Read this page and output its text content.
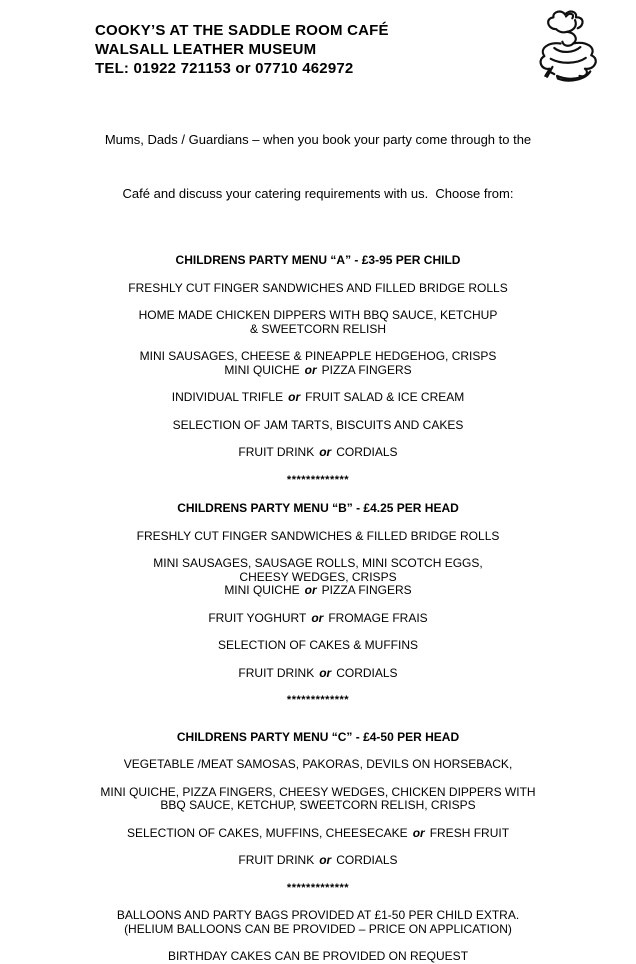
COOKY’S AT THE SADDLE ROOM CAFÉ
WALSALL LEATHER MUSEUM
TEL: 01922 721153 or 07710 462972

Mums, Dads / Guardians – when you book your party come through to the

Café and discuss your catering requirements with us.  Choose from:

CHILDRENS PARTY MENU “A” - £3-95 PER CHILD
FRESHLY CUT FINGER SANDWICHES AND FILLED BRIDGE ROLLS
HOME MADE CHICKEN DIPPERS WITH BBQ SAUCE, KETCHUP
& SWEETCORN RELISH
MINI SAUSAGES, CHEESE & PINEAPPLE HEDGEHOG, CRISPS
MINI QUICHE or PIZZA FINGERS
INDIVIDUAL TRIFLE or FRUIT SALAD & ICE CREAM
SELECTION OF JAM TARTS, BISCUITS AND CAKES
FRUIT DRINK or CORDIALS
*************
CHILDRENS PARTY MENU “B” - £4.25 PER HEAD
FRESHLY CUT FINGER SANDWICHES & FILLED BRIDGE ROLLS
MINI SAUSAGES, SAUSAGE ROLLS, MINI SCOTCH EGGS,
CHEESY WEDGES, CRISPS
MINI QUICHE or PIZZA FINGERS
FRUIT YOGHURT or FROMAGE FRAIS
SELECTION OF CAKES & MUFFINS
FRUIT DRINK or CORDIALS
*************
CHILDRENS PARTY MENU “C” - £4-50 PER HEAD
VEGETABLE /MEAT SAMOSAS, PAKORAS, DEVILS ON HORSEBACK,
MINI QUICHE, PIZZA FINGERS, CHEESY WEDGES, CHICKEN DIPPERS WITH
BBQ SAUCE, KETCHUP, SWEETCORN RELISH, CRISPS
SELECTION OF CAKES, MUFFINS, CHEESECAKE or FRESH FRUIT
FRUIT DRINK or CORDIALS
*************
BALLOONS AND PARTY BAGS PROVIDED AT £1-50 PER CHILD EXTRA.
(HELIUM BALLOONS CAN BE PROVIDED – PRICE ON APPLICATION)
BIRTHDAY CAKES CAN BE PROVIDED ON REQUEST
